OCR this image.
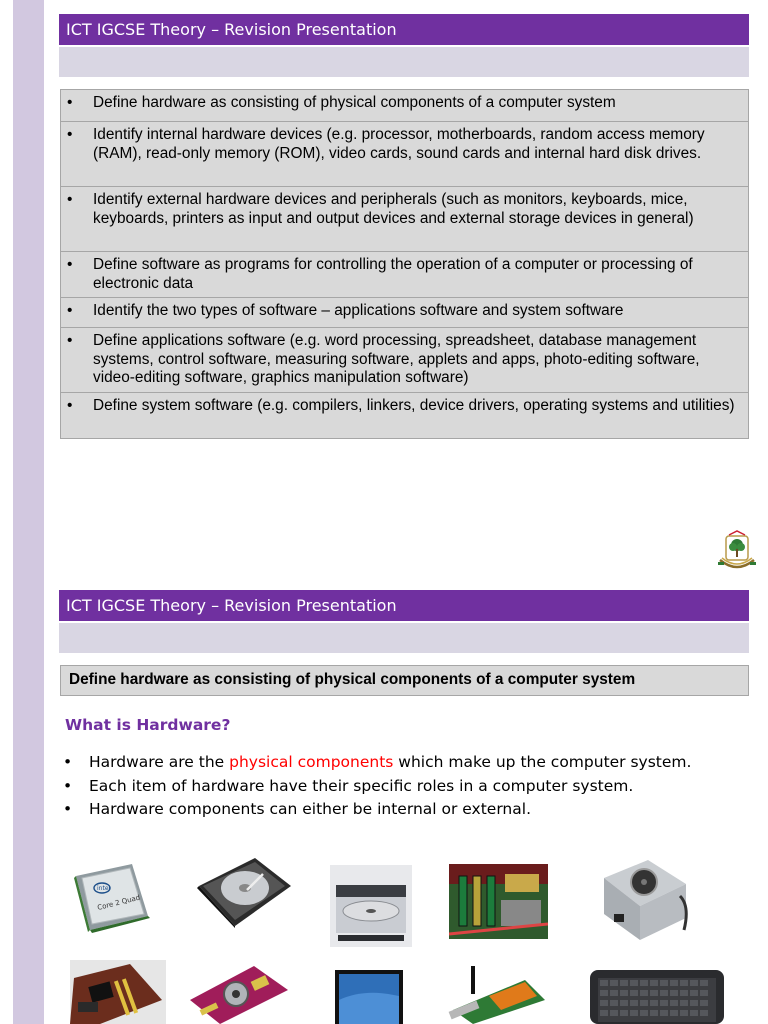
ICT IGCSE Theory – Revision Presentation
•	Define hardware as consisting of physical components of a computer system
•	Identify internal hardware devices (e.g. processor, motherboards, random access memory (RAM), read-only memory (ROM), video cards, sound cards and internal hard disk drives.
•	Identify external hardware devices and peripherals (such as monitors, keyboards, mice, keyboards, printers as input and output devices and external storage devices in general)
•	Define software as programs for controlling the operation of a computer or processing of electronic data
•	Identify the two types of software – applications software and system software
•	Define applications software (e.g. word processing, spreadsheet, database management systems, control software, measuring software, applets and apps, photo-editing software, video-editing software, graphics manipulation software)
•	Define system software (e.g. compilers, linkers, device drivers, operating systems and utilities)
ICT IGCSE Theory – Revision Presentation
Define hardware as consisting of physical components of a computer system
What is Hardware?
•	Hardware are the physical components which make up the computer system.
•	Each item of hardware have their specific roles in a computer system.
•	Hardware components can either be internal or external.
intel
Core 2 Quad
